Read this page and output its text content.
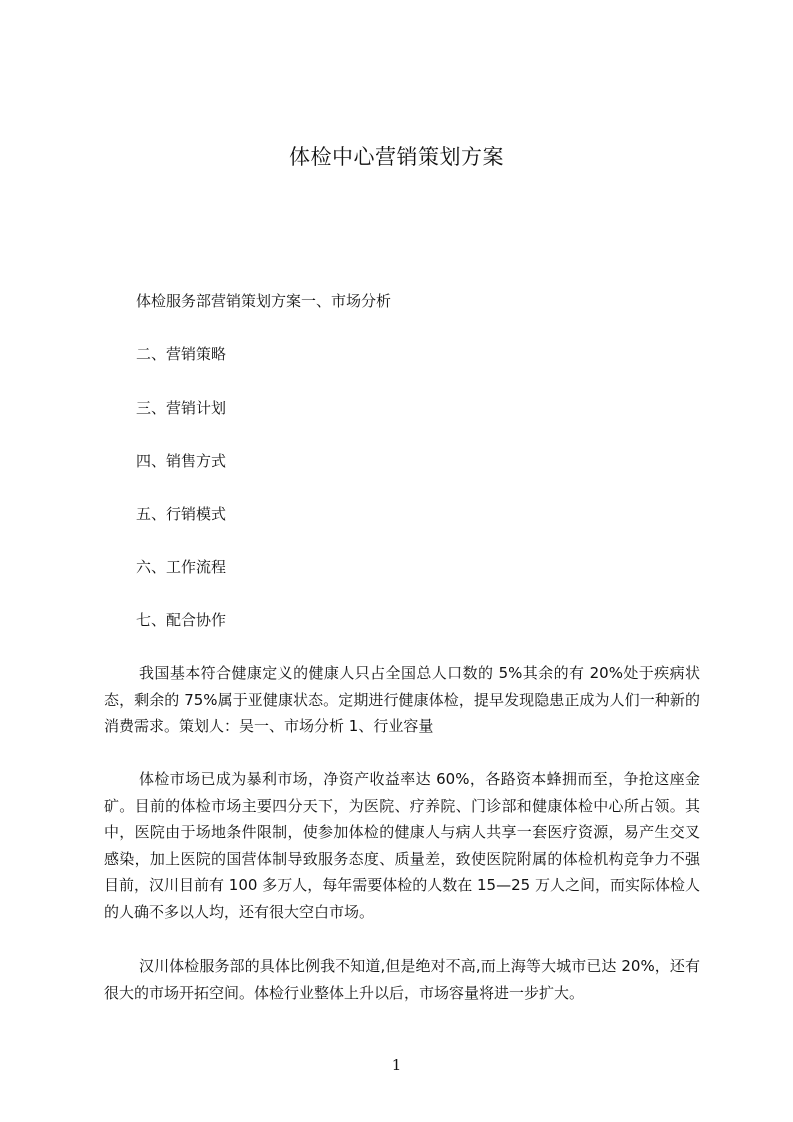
体检中心营销策划方案

体检服务部营销策划方案一、市场分析

二、营销策略

三、营销计划

四、销售方式

五、行销模式

六、工作流程

七、配合协作

我国基本符合健康定义的健康人只占全国总人口数的 5%其余的有 20%处于疾病状态，剩余的 75%属于亚健康状态。定期进行健康体检，提早发现隐患正成为人们一种新的消费需求。策划人：吴一、市场分析 1、行业容量

体检市场已成为暴利市场，净资产收益率达 60%，各路资本蜂拥而至，争抢这座金矿。目前的体检市场主要四分天下，为医院、疗养院、门诊部和健康体检中心所占领。其中，医院由于场地条件限制，使参加体检的健康人与病人共享一套医疗资源，易产生交叉感染，加上医院的国营体制导致服务态度、质量差，致使医院附属的体检机构竞争力不强目前，汉川目前有 100 多万人，每年需要体检的人数在 15—25 万人之间，而实际体检人的人确不多以人均，还有很大空白市场。

汉川体检服务部的具体比例我不知道,但是绝对不高,而上海等大城市已达 20%，还有很大的市场开拓空间。体检行业整体上升以后，市场容量将进一步扩大。

1
